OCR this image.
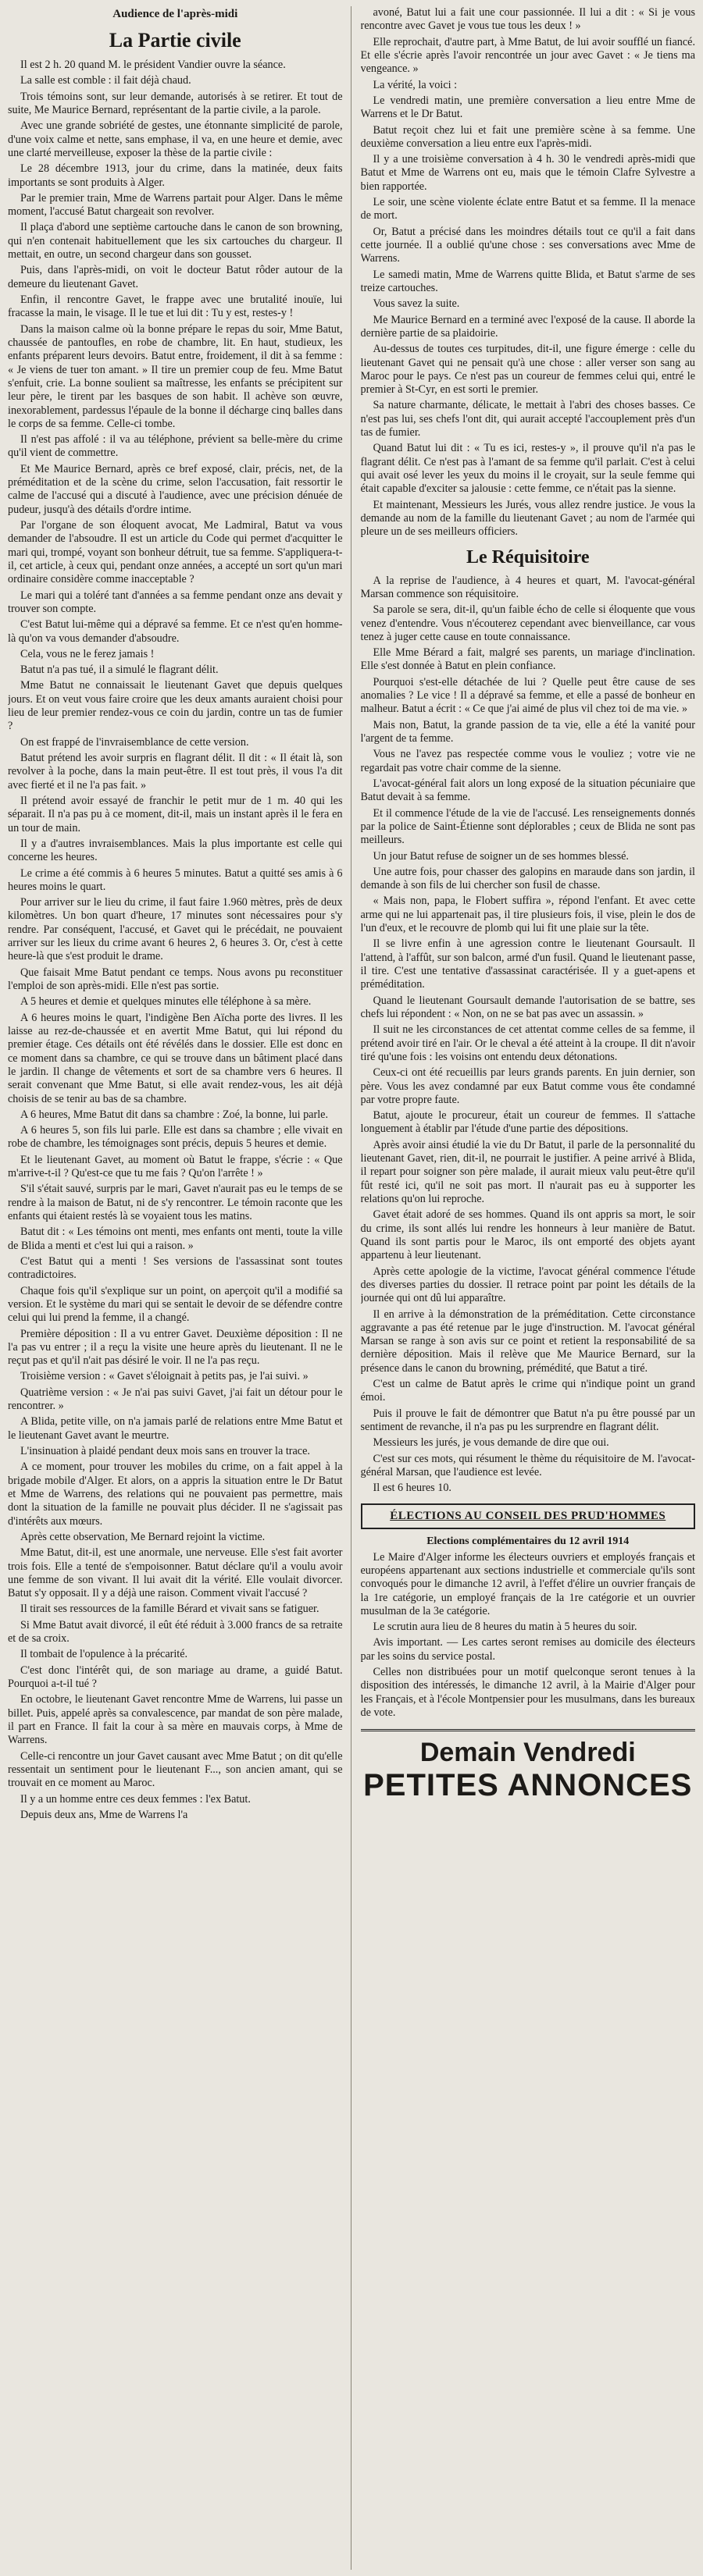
Audience de l'après-midi
La Partie civile

Il est 2 h. 20 quand M. le président Vandier ouvre la séance.

La salle est comble : il fait déjà chaud.

Trois témoins sont, sur leur demande, autorisés à se retirer. Et tout de suite, Me Maurice Bernard, représentant de la partie civile, a la parole.

Avec une grande sobriété de gestes, une étonnante simplicité de parole, d'une voix calme et nette, sans emphase, il va, en une heure et demie, avec une clarté merveilleuse, exposer la thèse de la partie civile :

Le 28 décembre 1913, jour du crime, dans la matinée, deux faits importants se sont produits à Alger.

Par le premier train, Mme de Warrens partait pour Alger. Dans le même moment, l'accusé Batut chargeait son revolver.

Il plaça d'abord une septième cartouche dans le canon de son browning, qui n'en contenait habituellement que les six cartouches du chargeur. Il mettait, en outre, un second chargeur dans son gousset.

Puis, dans l'après-midi, on voit le docteur Batut rôder autour de la demeure du lieutenant Gavet.

Enfin, il rencontre Gavet, le frappe avec une brutalité inouïe, lui fracasse la main, le visage. Il le tue et lui dit : Tu y est, restes-y !

Dans la maison calme où la bonne prépare le repas du soir, Mme Batut, chaussée de pantoufles, en robe de chambre, lit. En haut, studieux, les enfants préparent leurs devoirs. Batut entre, froidement, il dit à sa femme : « Je viens de tuer ton amant. » Il tire un premier coup de feu. Mme Batut s'enfuit, crie. La bonne soulient sa maîtresse, les enfants se précipitent sur leur père, le tirent par les basques de son habit. Il achève son œuvre, inexorablement, pardessus l'épaule de la bonne il décharge cinq balles dans le corps de sa femme. Celle-ci tombe.

Il n'est pas affolé : il va au téléphone, prévient sa belle-mère du crime qu'il vient de commettre.

Et Me Maurice Bernard, après ce bref exposé, clair, précis, net, de la préméditation et de la scène du crime, selon l'accusation, fait ressortir le calme de l'accusé qui a discuté à l'audience, avec une précision dénuée de pudeur, jusqu'à des détails d'ordre intime.

Par l'organe de son éloquent avocat, Me Ladmiral, Batut va vous demander de l'absoudre. Il est un article du Code qui permet d'acquitter le mari qui, trompé, voyant son bonheur détruit, tue sa femme. S'appliquera-t-il, cet article, à ceux qui, pendant onze années, a accepté un sort qu'un mari ordinaire considère comme inacceptable ?

Le mari qui a toléré tant d'années a sa femme pendant onze ans devait y trouver son compte.

C'est Batut lui-même qui a dépravé sa femme. Et ce n'est qu'en homme-là qu'on va vous demander d'absoudre.

Cela, vous ne le ferez jamais !

Batut n'a pas tué, il a simulé le flagrant délit.

Mme Batut ne connaissait le lieutenant Gavet que depuis quelques jours. Et on veut vous faire croire que les deux amants auraient choisi pour lieu de leur premier rendez-vous ce coin du jardin, contre un tas de fumier ?

On est frappé de l'invraisemblance de cette version.

Batut prétend les avoir surpris en flagrant délit. Il dit : « Il était là, son revolver à la poche, dans la main peut-être. Il est tout près, il vous l'a dit avec fierté et il ne l'a pas fait. »

Il prétend avoir essayé de franchir le petit mur de 1 m. 40 qui les séparait. Il n'a pas pu à ce moment, dit-il, mais un instant après il le fera en un tour de main.

Il y a d'autres invraisemblances. Mais la plus importante est celle qui concerne les heures.

Le crime a été commis à 6 heures 5 minutes. Batut a quitté ses amis à 6 heures moins le quart.

Pour arriver sur le lieu du crime, il faut faire 1.960 mètres, près de deux kilomètres. Un bon quart d'heure, 17 minutes sont nécessaires pour s'y rendre. Par conséquent, l'accusé, et Gavet qui le précédait, ne pouvaient arriver sur les lieux du crime avant 6 heures 2, 6 heures 3. Or, c'est à cette heure-là que s'est produit le drame.

Que faisait Mme Batut pendant ce temps. Nous avons pu reconstituer l'emploi de son après-midi. Elle n'est pas sortie.

A 5 heures et demie et quelques minutes elle téléphone à sa mère.

A 6 heures moins le quart, l'indigène Ben Aïcha porte des livres. Il les laisse au rez-de-chaussée et en avertit Mme Batut, qui lui répond du premier étage. Ces détails ont été révélés dans le dossier. Elle est donc en ce moment dans sa chambre, ce qui se trouve dans un bâtiment placé dans le jardin. Il change de vêtements et sort de sa chambre vers 6 heures. Il serait convenant que Mme Batut, si elle avait rendez-vous, les ait déjà choisis de se tenir au bas de sa chambre.

A 6 heures, Mme Batut dit dans sa chambre : Zoé, la bonne, lui parle.

A 6 heures 5, son fils lui parle. Elle est dans sa chambre ; elle vivait en robe de chambre, les témoignages sont précis, depuis 5 heures et demie.

Et le lieutenant Gavet, au moment où Batut le frappe, s'écrie : « Que m'arrive-t-il ? Qu'est-ce que tu me fais ? Qu'on l'arrête ! »

S'il s'était sauvé, surpris par le mari, Gavet n'aurait pas eu le temps de se rendre à la maison de Batut, ni de s'y rencontrer. Le témoin raconte que les enfants qui étaient restés là se voyaient tous les matins.

Batut dit : « Les témoins ont menti, mes enfants ont menti, toute la ville de Blida a menti et c'est lui qui a raison. »

C'est Batut qui a menti ! Ses versions de l'assassinat sont toutes contradictoires.

Chaque fois qu'il s'explique sur un point, on aperçoit qu'il a modifié sa version. Et le système du mari qui se sentait le devoir de se défendre contre celui qui lui prend la femme, il a changé.

Première déposition : Il a vu entrer Gavet. Deuxième déposition : Il ne l'a pas vu entrer ; il a reçu la visite une heure après du lieutenant. Il ne le reçut pas et qu'il n'ait pas désiré le voir. Il ne l'a pas reçu.

Troisième version : « Gavet s'éloignait à petits pas, je l'ai suivi. »

Quatrième version : « Je n'ai pas suivi Gavet, j'ai fait un détour pour le rencontrer. »

A Blida, petite ville, on n'a jamais parlé de relations entre Mme Batut et le lieutenant Gavet avant le meurtre.

L'insinuation à plaidé pendant deux mois sans en trouver la trace.

A ce moment, pour trouver les mobiles du crime, on a fait appel à la brigade mobile d'Alger. Et alors, on a appris la situation entre le Dr Batut et Mme de Warrens, des relations qui ne pouvaient pas permettre, mais dont la situation de la famille ne pouvait plus décider. Il ne s'agissait pas d'intérêts aux mœurs.

Après cette observation, Me Bernard rejoint la victime.

Mme Batut, dit-il, est une anormale, une nerveuse. Elle s'est fait avorter trois fois. Elle a tenté de s'empoisonner. Batut déclare qu'il a voulu avoir une femme de son vivant. Il lui avait dit la vérité. Elle voulait divorcer. Batut s'y opposait. Il y a déjà une raison. Comment vivait l'accusé ?

Il tirait ses ressources de la famille Bérard et vivait sans se fatiguer.

Si Mme Batut avait divorcé, il eût été réduit à 3.000 francs de sa retraite et de sa croix.

Il tombait de l'opulence à la précarité.

C'est donc l'intérêt qui, de son mariage au drame, a guidé Batut. Pourquoi a-t-il tué ?

En octobre, le lieutenant Gavet rencontre Mme de Warrens, lui passe un billet. Puis, appelé après sa convalescence, par mandat de son père malade, il part en France. Il fait la cour à sa mère en mauvais corps, à Mme de Warrens.

Celle-ci rencontre un jour Gavet causant avec Mme Batut ; on dit qu'elle ressentait un sentiment pour le lieutenant F..., son ancien amant, qui se trouvait en ce moment au Maroc.

Il y a un homme entre ces deux femmes : l'ex Batut.

Depuis deux ans, Mme de Warrens l'a

avoné, Batut lui a fait une cour passionnée. Il lui a dit : « Si je vous rencontre avec Gavet je vous tue tous les deux ! »

Elle reprochait, d'autre part, à Mme Batut, de lui avoir soufflé un fiancé. Et elle s'écrie après l'avoir rencontrée un jour avec Gavet : « Je tiens ma vengeance. »

La vérité, la voici :

Le vendredi matin, une première conversation a lieu entre Mme de Warrens et le Dr Batut.

Batut reçoit chez lui et fait une première scène à sa femme. Une deuxième conversation a lieu entre eux l'après-midi.

Il y a une troisième conversation à 4 h. 30 le vendredi après-midi que Batut et Mme de Warrens ont eu, mais que le témoin Clafre Sylvestre a bien rapportée.

Le soir, une scène violente éclate entre Batut et sa femme. Il la menace de mort.

Or, Batut a précisé dans les moindres détails tout ce qu'il a fait dans cette journée. Il a oublié qu'une chose : ses conversations avec Mme de Warrens.

Le samedi matin, Mme de Warrens quitte Blida, et Batut s'arme de ses treize cartouches.

Vous savez la suite.

Me Maurice Bernard en a terminé avec l'exposé de la cause. Il aborde la dernière partie de sa plaidoirie.

Au-dessus de toutes ces turpitudes, dit-il, une figure émerge : celle du lieutenant Gavet qui ne pensait qu'à une chose : aller verser son sang au Maroc pour le pays. Ce n'est pas un coureur de femmes celui qui, entré le premier à St-Cyr, en est sorti le premier.

Sa nature charmante, délicate, le mettait à l'abri des choses basses. Ce n'est pas lui, ses chefs l'ont dit, qui aurait accepté l'accouplement près d'un tas de fumier.

Quand Batut lui dit : « Tu es ici, restes-y », il prouve qu'il n'a pas le flagrant délit. Ce n'est pas à l'amant de sa femme qu'il parlait. C'est à celui qui avait osé lever les yeux du moins il le croyait, sur la seule femme qui était capable d'exciter sa jalousie : cette femme, ce n'était pas la sienne.

Et maintenant, Messieurs les Jurés, vous allez rendre justice. Je vous la demande au nom de la famille du lieutenant Gavet ; au nom de l'armée qui pleure un de ses meilleurs officiers.

Le Réquisitoire

A la reprise de l'audience, à 4 heures et quart, M. l'avocat-général Marsan commence son réquisitoire.

Sa parole se sera, dit-il, qu'un faible écho de celle si éloquente que vous venez d'entendre. Vous n'écouterez cependant avec bienveillance, car vous tenez à juger cette cause en toute connaissance.

Elle Mme Bérard a fait, malgré ses parents, un mariage d'inclination. Elle s'est donnée à Batut en plein confiance.

Pourquoi s'est-elle détachée de lui ? Quelle peut être cause de ses anomalies ? Le vice ! Il a dépravé sa femme, et elle a passé de bonheur en malheur. Batut a écrit : « Ce que j'ai aimé de plus vil chez toi de ma vie. »

Mais non, Batut, la grande passion de ta vie, elle a été la vanité pour l'argent de ta femme.

Vous ne l'avez pas respectée comme vous le vouliez ; votre vie ne regardait pas votre chair comme de la sienne.

L'avocat-général fait alors un long exposé de la situation pécuniaire que Batut devait à sa femme.

Et il commence l'étude de la vie de l'accusé. Les renseignements donnés par la police de Saint-Étienne sont déplorables ; ceux de Blida ne sont pas meilleurs.

Un jour Batut refuse de soigner un de ses hommes blessé.

Une autre fois, pour chasser des galopins en maraude dans son jardin, il demande à son fils de lui chercher son fusil de chasse.

« Mais non, papa, le Flobert suffira », répond l'enfant. Et avec cette arme qui ne lui appartenait pas, il tire plusieurs fois, il vise, plein le dos de l'un d'eux, et le recouvre de plomb qui lui fit une plaie sur la tête.

Il se livre enfin à une agression contre le lieutenant Goursault. Il l'attend, à l'affût, sur son balcon, armé d'un fusil. Quand le lieutenant passe, il tire. C'est une tentative d'assassinat caractérisée. Il y a guet-apens et préméditation.

Quand le lieutenant Goursault demande l'autorisation de se battre, ses chefs lui répondent : « Non, on ne se bat pas avec un assassin. »

Il suit ne les circonstances de cet attentat comme celles de sa femme, il prétend avoir tiré en l'air. Or le cheval a été atteint à la croupe. Il dit n'avoir tiré qu'une fois : les voisins ont entendu deux détonations.

Ceux-ci ont été recueillis par leurs grands parents. En juin dernier, son père. Vous les avez condamné par eux Batut comme vous ête condamné par votre propre faute.

Batut, ajoute le procureur, était un coureur de femmes. Il s'attache longuement à établir par l'étude d'une partie des dépositions.

Après avoir ainsi étudié la vie du Dr Batut, il parle de la personnalité du lieutenant Gavet, rien, dit-il, ne pourrait le justifier. A peine arrivé à Blida, il repart pour soigner son père malade, il aurait mieux valu peut-être qu'il fût resté ici, qu'il ne soit pas mort. Il n'aurait pas eu à supporter les relations qu'on lui reproche.

Gavet était adoré de ses hommes. Quand ils ont appris sa mort, le soir du crime, ils sont allés lui rendre les honneurs à leur manière de Batut. Quand ils sont partis pour le Maroc, ils ont emporté des objets ayant appartenu à leur lieutenant.

Après cette apologie de la victime, l'avocat général commence l'étude des diverses parties du dossier. Il retrace point par point les détails de la journée qui ont dû lui apparaître.

Il en arrive à la démonstration de la préméditation. Cette circonstance aggravante a pas été retenue par le juge d'instruction. M. l'avocat général Marsan se range à son avis sur ce point et retient la responsabilité de sa dernière déposition. Mais il relève que Me Maurice Bernard, sur la présence dans le canon du browning, prémédité, que Batut a tiré.

C'est un calme de Batut après le crime qui n'indique point un grand émoi.

Puis il prouve le fait de démontrer que Batut n'a pu être poussé par un sentiment de revanche, il n'a pas pu les surprendre en flagrant délit.

Messieurs les jurés, je vous demande de dire que oui.

C'est sur ces mots, qui résument le thème du réquisitoire de M. l'avocat-général Marsan, que l'audience est levée.

Il est 6 heures 10.

ÉLECTIONS AU CONSEIL DES PRUD'HOMMES
Elections complémentaires du 12 avril 1914

Le Maire d'Alger informe les électeurs ouvriers et employés français et européens appartenant aux sections industrielle et commerciale qu'ils sont convoqués pour le dimanche 12 avril, à l'effet d'élire un ouvrier français de la 1re catégorie, un employé français de la 1re catégorie et un ouvrier musulman de la 3e catégorie.

Le scrutin aura lieu de 8 heures du matin à 5 heures du soir.

Avis important. — Les cartes seront remises au domicile des électeurs par les soins du service postal.

Celles non distribuées pour un motif quelconque seront tenues à la disposition des intéressés, le dimanche 12 avril, à la Mairie d'Alger pour les Français, et à l'école Montpensier pour les musulmans, dans les bureaux de vote.

Demain Vendredi
PETITES ANNONCES
